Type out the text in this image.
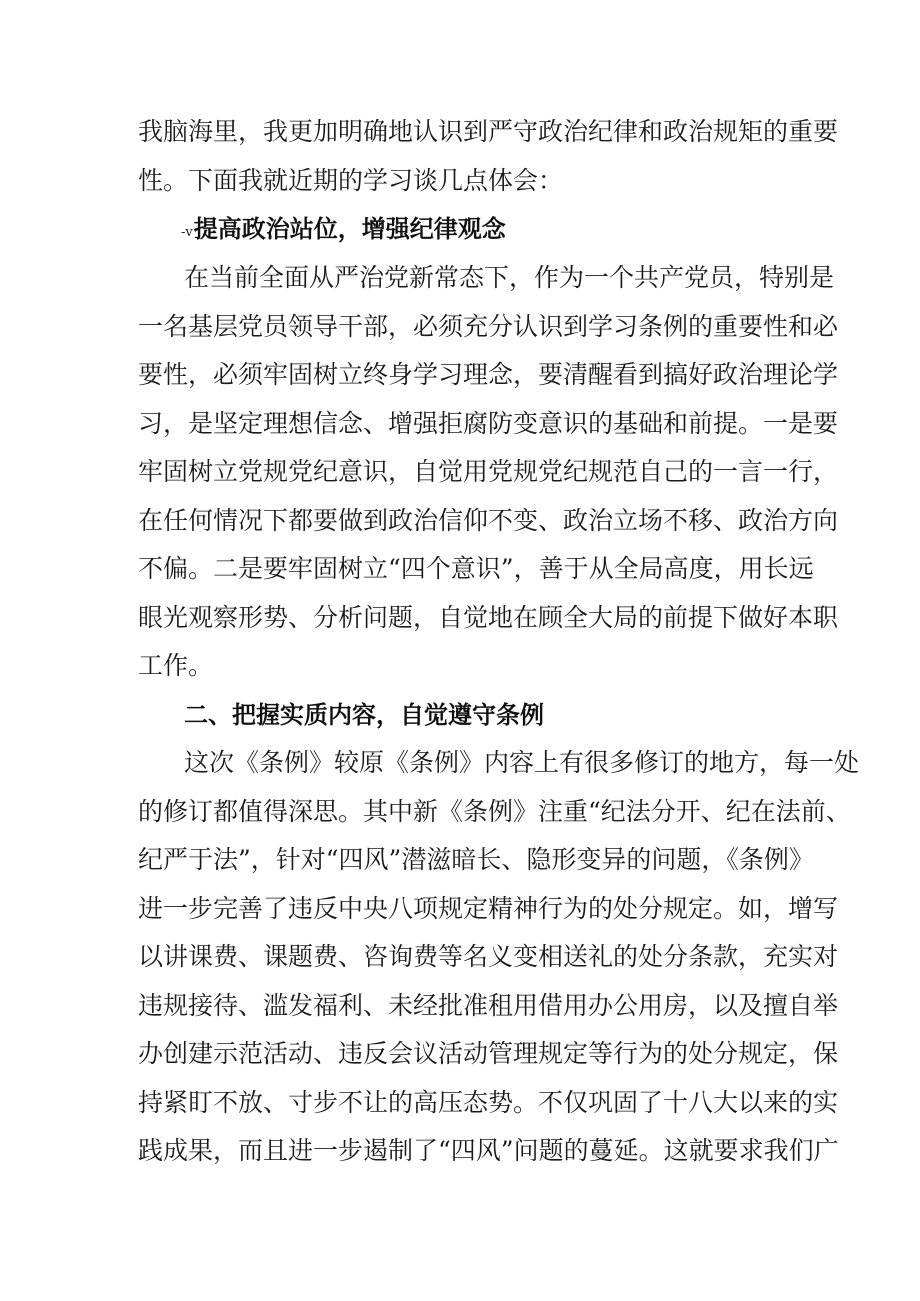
我脑海里，我更加明确地认识到严守政治纪律和政治规矩的重要
性。下面我就近期的学习谈几点体会：
-v提高政治站位，增强纪律观念
在当前全面从严治党新常态下，作为一个共产党员，特别是
一名基层党员领导干部，必须充分认识到学习条例的重要性和必
要性，必须牢固树立终身学习理念，要清醒看到搞好政治理论学
习，是坚定理想信念、增强拒腐防变意识的基础和前提。一是要
牢固树立党规党纪意识，自觉用党规党纪规范自己的一言一行，
在任何情况下都要做到政治信仰不变、政治立场不移、政治方向
不偏。二是要牢固树立“四个意识”，善于从全局高度，用长远
眼光观察形势、分析问题，自觉地在顾全大局的前提下做好本职
工作。
二、把握实质内容，自觉遵守条例
这次《条例》较原《条例》内容上有很多修订的地方，每一处
的修订都值得深思。其中新《条例》注重“纪法分开、纪在法前、
纪严于法”，针对“四风”潜滋暗长、隐形变异的问题，《条例》
进一步完善了违反中央八项规定精神行为的处分规定。如，增写
以讲课费、课题费、咨询费等名义变相送礼的处分条款，充实对
违规接待、滥发福利、未经批准租用借用办公用房，以及擅自举
办创建示范活动、违反会议活动管理规定等行为的处分规定，保
持紧盯不放、寸步不让的高压态势。不仅巩固了十八大以来的实
践成果，而且进一步遏制了“四风”问题的蔓延。这就要求我们广
